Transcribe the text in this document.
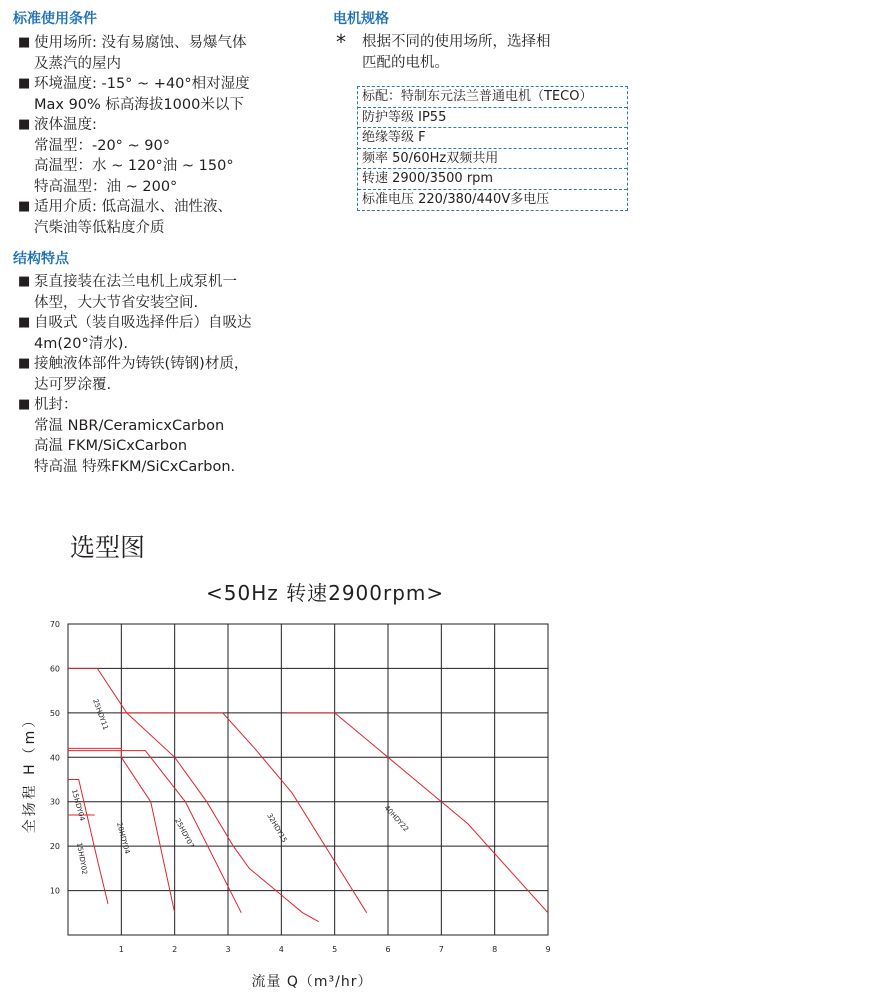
标准使用条件
■ 使用场所: 没有易腐蚀、易爆气体
及蒸汽的屋内
■ 环境温度: -15° ~ +40°相对湿度
Max 90% 标高海拔1000米以下
■ 液体温度:
常温型：-20° ~ 90°
高温型：水 ~ 120°油 ~ 150°
特高温型：油 ~ 200°
■ 适用介质: 低高温水、油性液、
汽柴油等低粘度介质
结构特点
■ 泵直接装在法兰电机上成泵机一
体型，大大节省安装空间.
■ 自吸式（装自吸选择件后）自吸达
4m(20°清水).
■ 接触液体部件为铸铁(铸钢)材质，
达可罗涂覆.
■ 机封：
常温 NBR/CeramicxCarbon
高温 FKM/SiCxCarbon
特高温 特殊FKM/SiCxCarbon.
电机规格
*	根据不同的使用场所，选择相
匹配的电机。
标配：特制东元法兰普通电机（TECO）
防护等级 IP55
绝缘等级 F
频率 50/60Hz双频共用
转速 2900/3500 rpm
标准电压 220/380/440V多电压
选型图
<50Hz 转速2900rpm>
1	2	3	4	5	6	7	8	9
10
20
30
40
50
60
70
流量 Q（m³/hr）
全扬程 H（m）
15HDY02
15HDY04
20HDY04	25HDY07
25HDY11
32HDY15	40HDY22
